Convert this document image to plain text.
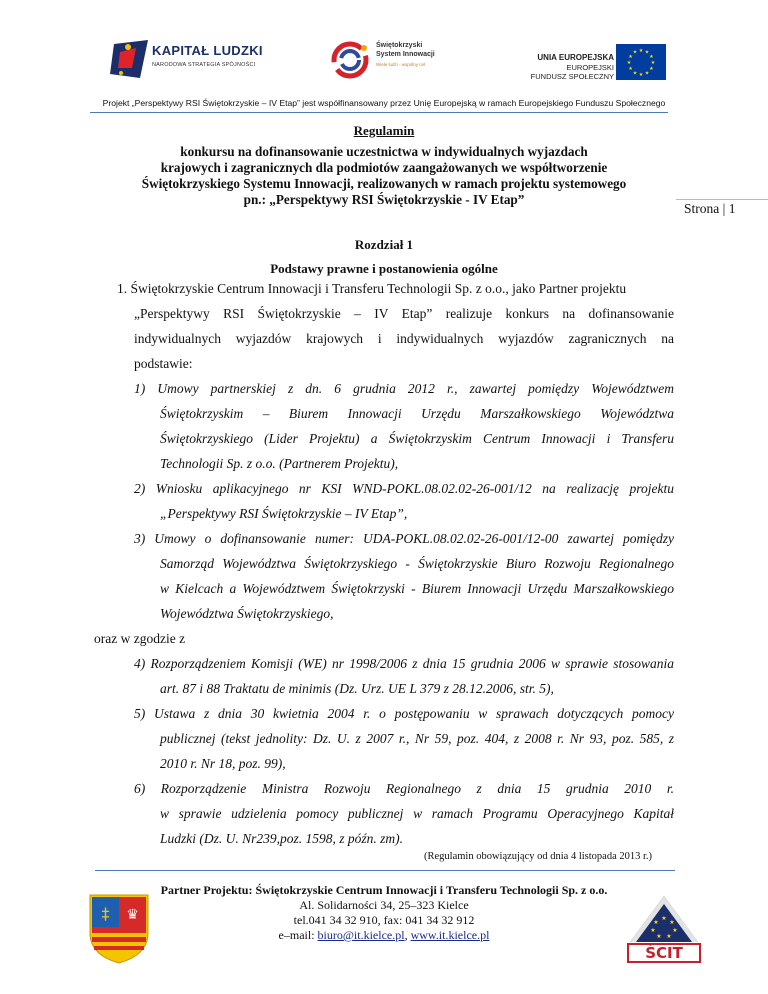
KAPITAŁ LUDZKI
NARODOWA STRATEGIA SPÓJNOŚCI
Świętokrzyski
System Innowacji
Wiele ludzi - wspólny cel
UNIA EUROPEJSKA
EUROPEJSKI
FUNDUSZ SPOŁECZNY
★ ★
★
★
★
★
★
★
★
★
★
★
Projekt „Perspektywy RSI Świętokrzyskie – IV Etap” jest współfinansowany przez Unię Europejską w ramach Europejskiego Funduszu Społecznego
Regulamin
konkursu na dofinansowanie uczestnictwa w indywidualnych wyjazdach
krajowych i zagranicznych dla podmiotów zaangażowanych we współtworzenie
Świętokrzyskiego Systemu Innowacji, realizowanych w ramach projektu systemowego
pn.: „Perspektywy RSI Świętokrzyskie - IV Etap”
Strona | 1
Rozdział 1
Podstawy prawne i postanowienia ogólne
1. Świętokrzyskie Centrum Innowacji i Transferu Technologii Sp. z o.o., jako Partner projektu
„Perspektywy RSI Świętokrzyskie – IV Etap” realizuje konkurs na dofinansowanie
indywidualnych wyjazdów krajowych i indywidualnych wyjazdów zagranicznych na
podstawie:
1) Umowy partnerskiej z dn. 6 grudnia 2012 r., zawartej pomiędzy Województwem
Świętokrzyskim – Biurem Innowacji Urzędu Marszałkowskiego Województwa
Świętokrzyskiego (Lider Projektu) a Świętokrzyskim Centrum Innowacji i Transferu
Technologii Sp. z o.o. (Partnerem Projektu),
2) Wniosku aplikacyjnego nr KSI WND-POKL.08.02.02-26-001/12 na realizację projektu
„Perspektywy RSI Świętokrzyskie – IV Etap”,
3) Umowy o dofinansowanie numer: UDA-POKL.08.02.02-26-001/12-00 zawartej pomiędzy
Samorząd Województwa Świętokrzyskiego - Świętokrzyskie Biuro Rozwoju Regionalnego
w Kielcach a Województwem Świętokrzyski - Biurem Innowacji Urzędu Marszałkowskiego
Województwa Świętokrzyskiego,
oraz w zgodzie z
4) Rozporządzeniem Komisji (WE) nr 1998/2006 z dnia 15 grudnia 2006 w sprawie stosowania
art. 87 i 88 Traktatu de minimis (Dz. Urz. UE L 379 z 28.12.2006, str. 5),
5) Ustawa z dnia 30 kwietnia 2004 r. o postępowaniu w sprawach dotyczących pomocy
publicznej (tekst jednolity: Dz. U. z 2007 r., Nr 59, poz. 404, z 2008 r. Nr 93, poz. 585, z
2010 r. Nr 18, poz. 99),
6) Rozporządzenie Ministra Rozwoju Regionalnego z dnia 15 grudnia 2010 r.
w sprawie udzielenia pomocy publicznej w ramach Programu Operacyjnego Kapitał
Ludzki (Dz. U. Nr239,poz. 1598, z późn. zm).
(Regulamin obowiązujący od dnia 4 listopada 2013 r.)
‡ ♛
Partner Projektu: Świętokrzyskie Centrum Innowacji i Transferu Technologii Sp. z o.o.
Al. Solidarności 34, 25–323 Kielce
tel.041 34 32 910, fax: 041 34 32 912
e–mail: biuro@it.kielce.pl, www.it.kielce.pl
★
★ ★
★	★
★ ★
ŚCIT
